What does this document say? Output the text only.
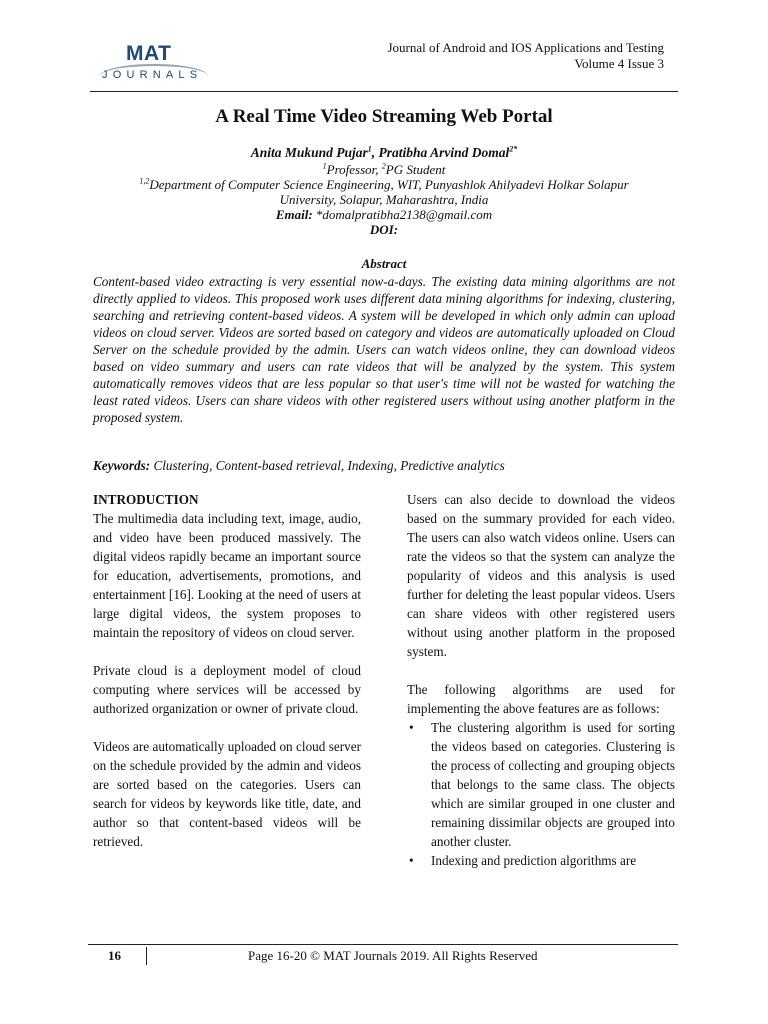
MAT
JOURNALS
Journal of Android and IOS Applications and Testing
Volume 4 Issue 3
A Real Time Video Streaming Web Portal
Anita Mukund Pujar$^1$, Pratibha Arvind Domal$^{2*}$
$^1$Professor, $^2$PG Student
$^{1,2}$Department of Computer Science Engineering, WIT, Punyashlok Ahilyadevi Holkar Solapur
University, Solapur, Maharashtra, India
Email: *domalpratibha2138@gmail.com
DOI:
Abstract
Content-based video extracting is very essential now-a-days. The existing data mining algorithms are not directly applied to videos. This proposed work uses different data mining algorithms for indexing, clustering, searching and retrieving content-based videos. A system will be developed in which only admin can upload videos on cloud server. Videos are sorted based on category and videos are automatically uploaded on Cloud Server on the schedule provided by the admin. Users can watch videos online, they can download videos based on video summary and users can rate videos that will be analyzed by the system. This system automatically removes videos that are less popular so that user's time will not be wasted for watching the least rated videos. Users can share videos with other registered users without using another platform in the proposed system.
Keywords: Clustering, Content-based retrieval, Indexing, Predictive analytics

INTRODUCTION

The multimedia data including text, image, audio, and video have been produced massively. The digital videos rapidly became an important source for education, advertisements, promotions, and entertainment [16]. Looking at the need of users at large digital videos, the system proposes to maintain the repository of videos on cloud server.

Private cloud is a deployment model of cloud computing where services will be accessed by authorized organization or owner of private cloud.

Videos are automatically uploaded on cloud server on the schedule provided by the admin and videos are sorted based on the categories. Users can search for videos by keywords like title, date, and author so that content-based videos will be retrieved.

Users can also decide to download the videos based on the summary provided for each video. The users can also watch videos online. Users can rate the videos so that the system can analyze the popularity of videos and this analysis is used further for deleting the least popular videos. Users can share videos with other registered users without using another platform in the proposed system.

The following algorithms are used for implementing the above features are as follows:

• The clustering algorithm is used for sorting the videos based on categories. Clustering is the process of collecting and grouping objects that belongs to the same class. The objects which are similar grouped in one cluster and remaining dissimilar objects are grouped into another cluster.
• Indexing and prediction algorithms are
16	Page 16-20 © MAT Journals 2019. All Rights Reserved
